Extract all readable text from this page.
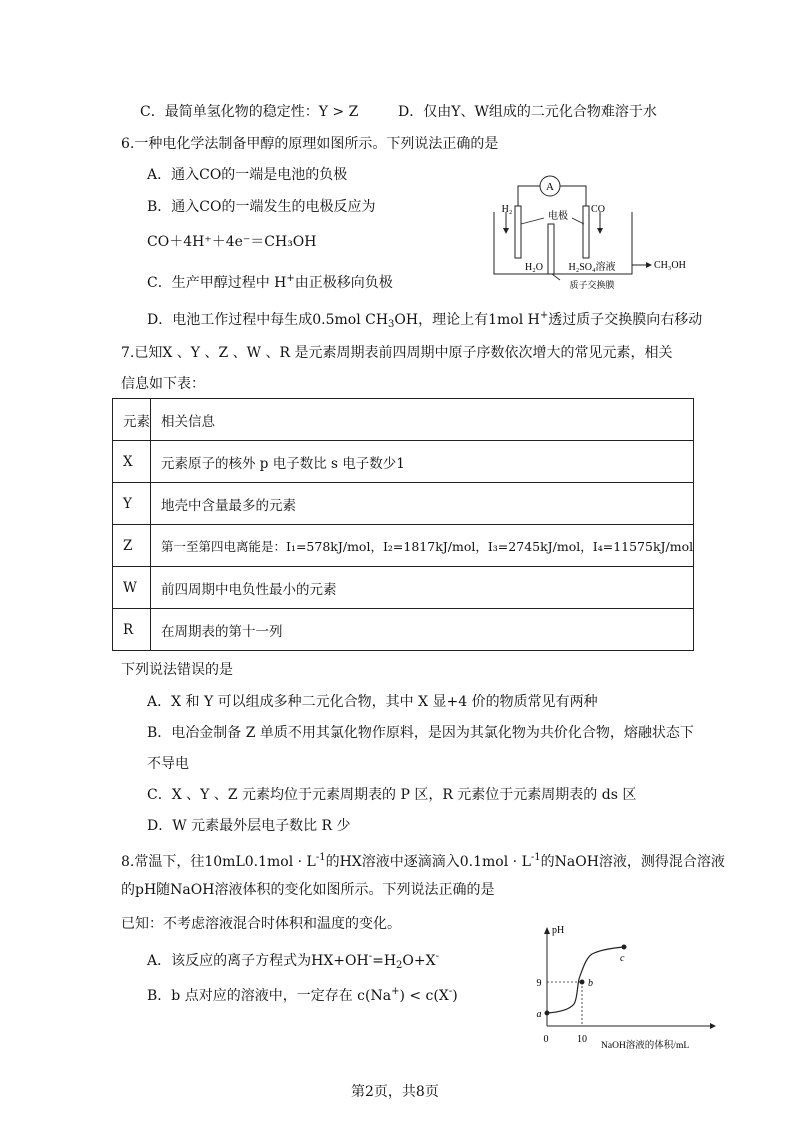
C．最简单氢化物的稳定性：Y > Z	D．仅由Y、W组成的二元化合物难溶于水
6.一种电化学法制备甲醇的原理如图所示。下列说法正确的是
A．通入CO的一端是电池的负极
B．通入CO的一端发生的电极反应为
CO＋4H⁺＋4e⁻＝CH₃OH
C．生产甲醇过程中 H+由正极移向负极
D．电池工作过程中每生成0.5mol $CH_3OH$，理论上有1mol H+透过质子交换膜向右移动
A
H₂
电极
CO
H₂O	H₂SO₄溶液	CH₃OH
质子交换膜
7.已知X 、Y 、Z 、W 、R 是元素周期表前四周期中原子序数依次增大的常见元素，相关
信息如下表：
元素	相关信息
X	元素原子的核外 p 电子数比 s 电子数少1
Y	地壳中含量最多的元素
Z	第一至第四电离能是：I₁=578kJ/mol，I₂=1817kJ/mol，I₃=2745kJ/mol，I₄=11575kJ/mol
W	前四周期中电负性最小的元素
R	在周期表的第十一列
下列说法错误的是
A．X 和 Y 可以组成多种二元化合物，其中 X 显+4 价的物质常见有两种
B．电冶金制备 Z 单质不用其氯化物作原料，是因为其氯化物为共价化合物，熔融状态下
不导电
C．X 、Y 、Z 元素均位于元素周期表的 P 区，R 元素位于元素周期表的 ds 区
D．W 元素最外层电子数比 R 少
8.常温下，往$10mL0.1mol \cdot L^{-1}$的HX溶液中逐滴滴入$0.1mol \cdot L^{-1}$的NaOH溶液，测得混合溶液
的pH随NaOH溶液体积的变化如图所示。下列说法正确的是
已知：不考虑溶液混合时体积和温度的变化。
A．该反应的离子方程式为$HX+OH^-=H_2O+X^-$
B．b 点对应的溶液中，一定存在 c(Na+) < c(X-)
pH
NaOH溶液的体积/mL
0	10
9
a
b
c
第2页，共8页
